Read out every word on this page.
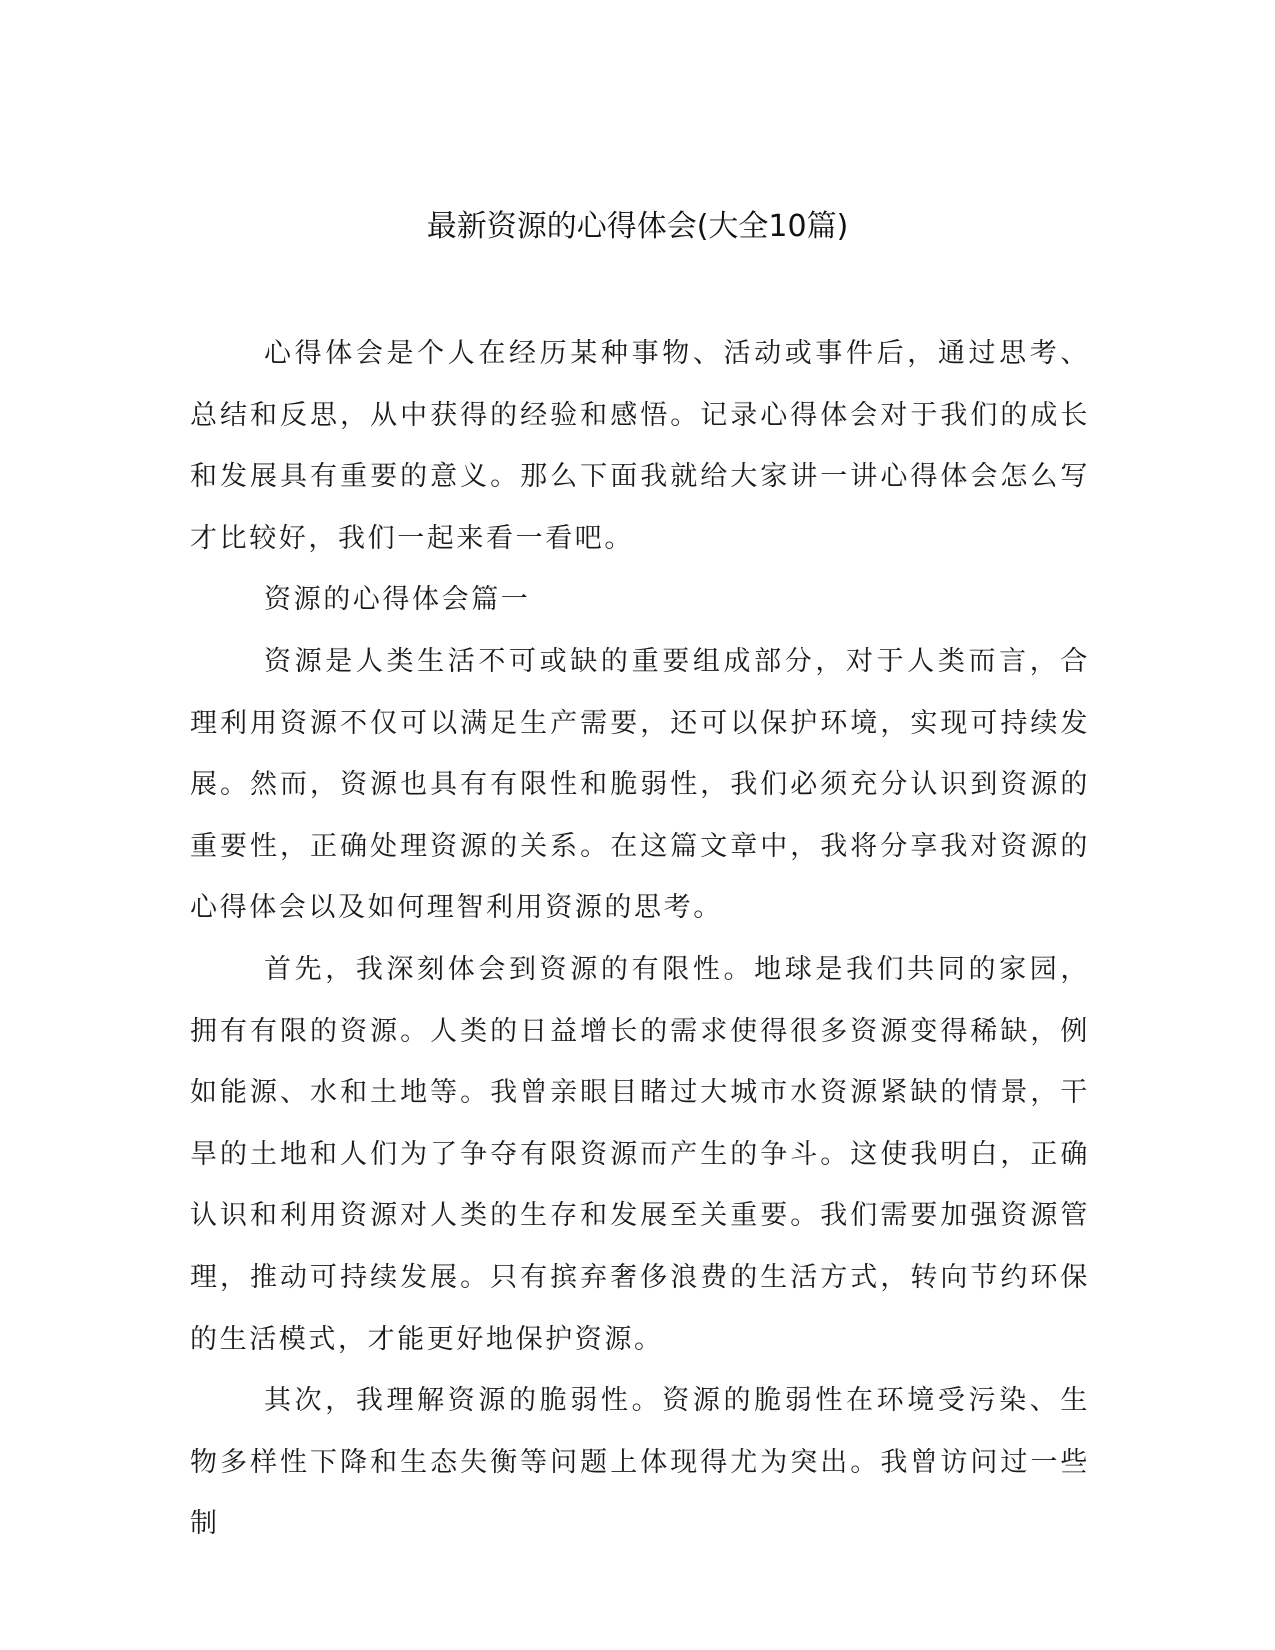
最新资源的心得体会(大全10篇)

心得体会是个人在经历某种事物、活动或事件后，通过思考、总结和反思，从中获得的经验和感悟。记录心得体会对于我们的成长和发展具有重要的意义。那么下面我就给大家讲一讲心得体会怎么写才比较好，我们一起来看一看吧。

资源的心得体会篇一

资源是人类生活不可或缺的重要组成部分，对于人类而言，合理利用资源不仅可以满足生产需要，还可以保护环境，实现可持续发展。然而，资源也具有有限性和脆弱性，我们必须充分认识到资源的重要性，正确处理资源的关系。在这篇文章中，我将分享我对资源的心得体会以及如何理智利用资源的思考。

首先，我深刻体会到资源的有限性。地球是我们共同的家园，拥有有限的资源。人类的日益增长的需求使得很多资源变得稀缺，例如能源、水和土地等。我曾亲眼目睹过大城市水资源紧缺的情景，干旱的土地和人们为了争夺有限资源而产生的争斗。这使我明白，正确认识和利用资源对人类的生存和发展至关重要。我们需要加强资源管理，推动可持续发展。只有摈弃奢侈浪费的生活方式，转向节约环保的生活模式，才能更好地保护资源。

其次，我理解资源的脆弱性。资源的脆弱性在环境受污染、生物多样性下降和生态失衡等问题上体现得尤为突出。我曾访问过一些制
